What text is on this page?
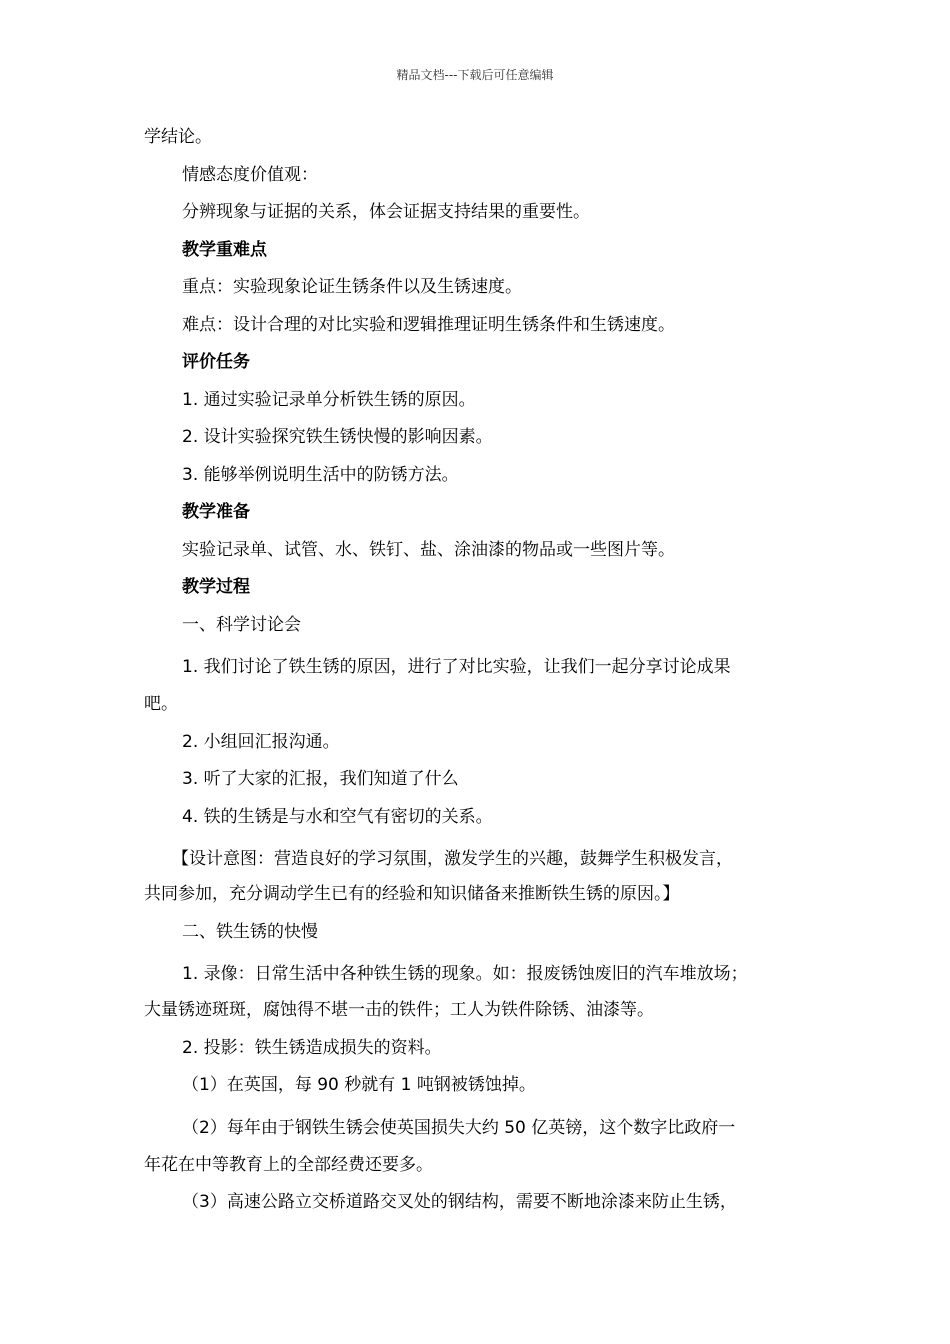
精品文档---下载后可任意编辑
学结论。
情感态度价值观：
分辨现象与证据的关系，体会证据支持结果的重要性。
教学重难点
重点：实验现象论证生锈条件以及生锈速度。
难点：设计合理的对比实验和逻辑推理证明生锈条件和生锈速度。
评价任务
1. 通过实验记录单分析铁生锈的原因。
2. 设计实验探究铁生锈快慢的影响因素。
3. 能够举例说明生活中的防锈方法。
教学准备
实验记录单、试管、水、铁钉、盐、涂油漆的物品或一些图片等。
教学过程
一、科学讨论会
1. 我们讨论了铁生锈的原因，进行了对比实验，让我们一起分享讨论成果
吧。
2. 小组回汇报沟通。
3. 听了大家的汇报，我们知道了什么
4. 铁的生锈是与水和空气有密切的关系。
【设计意图：营造良好的学习氛围，激发学生的兴趣，鼓舞学生积极发言，
共同参加，充分调动学生已有的经验和知识储备来推断铁生锈的原因。】
二、铁生锈的快慢
1. 录像：日常生活中各种铁生锈的现象。如：报废锈蚀废旧的汽车堆放场；
大量锈迹斑斑，腐蚀得不堪一击的铁件；工人为铁件除锈、油漆等。
2. 投影：铁生锈造成损失的资料。
（1）在英国，每 90 秒就有 1 吨钢被锈蚀掉。
（2）每年由于钢铁生锈会使英国损失大约 50 亿英镑，这个数字比政府一
年花在中等教育上的全部经费还要多。
（3）高速公路立交桥道路交叉处的钢结构，需要不断地涂漆来防止生锈，
